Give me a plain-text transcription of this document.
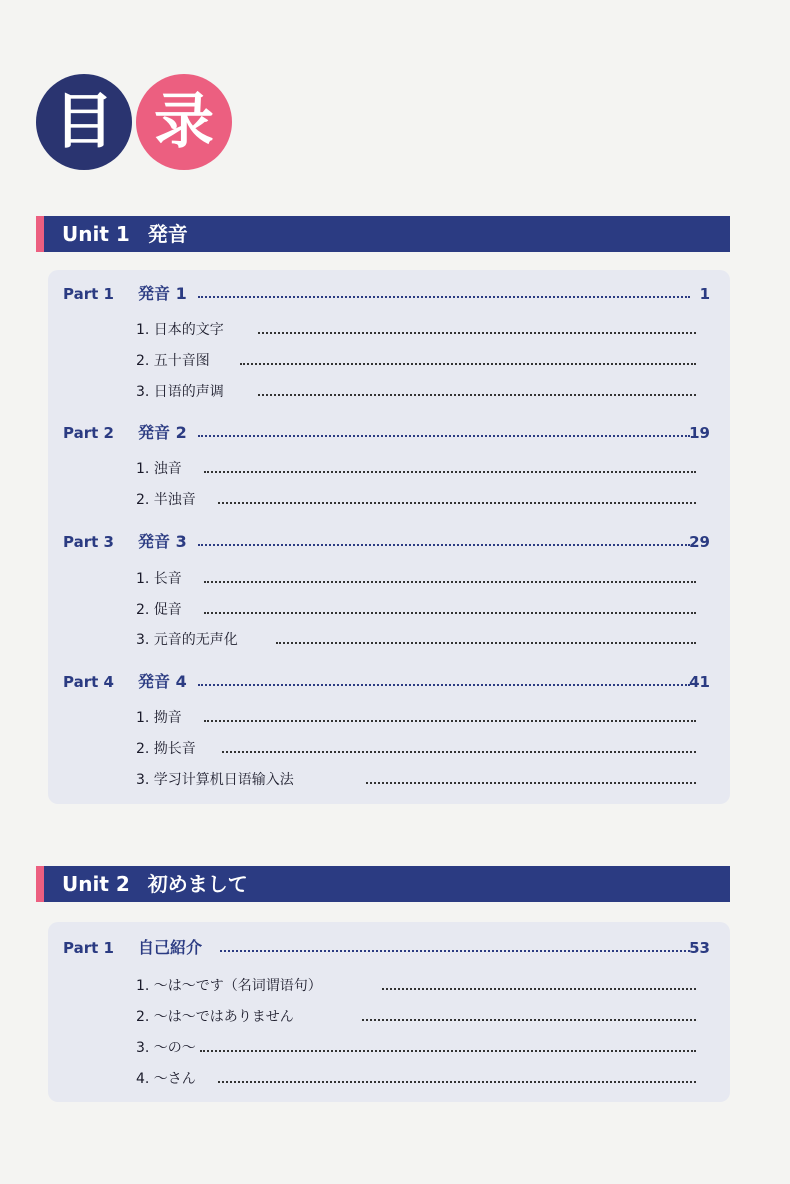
目 录
Unit 1 発音
Part 1 発音 1	1
1. 日本的文字
2. 五十音图
3. 日语的声调
Part 2 発音 2	19
1. 浊音
2. 半浊音
Part 3 発音 3	29
1. 长音
2. 促音
3. 元音的无声化
Part 4 発音 4	41
1. 拗音
2. 拗长音
3. 学习计算机日语输入法
Unit 2 初めまして
Part 1 自己紹介	53
1. ～は～です（名词谓语句）
2. ～は～ではありません
3. ～の～
4. ～さん
